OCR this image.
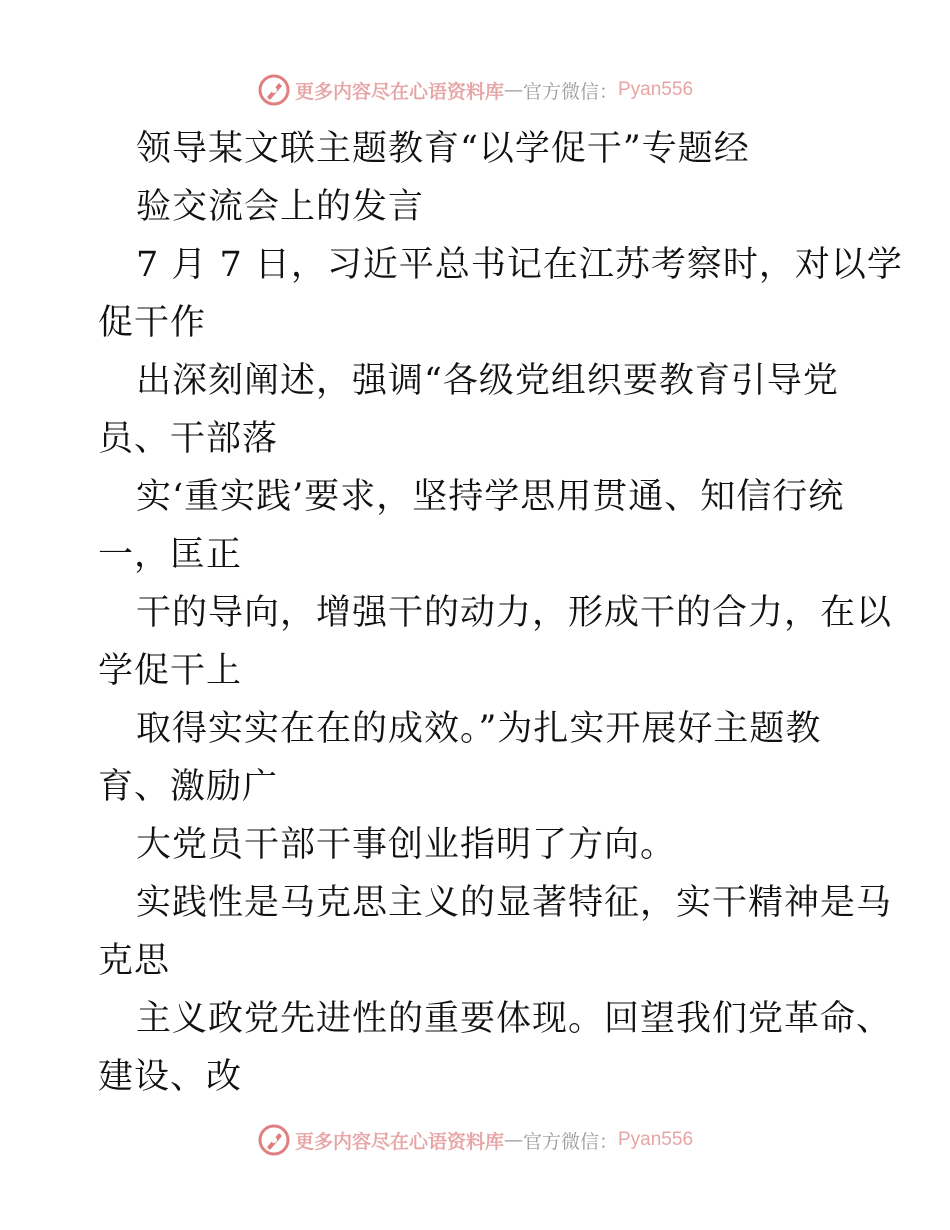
更多内容尽在心语资料库 — 官方微信： Pyan556
领导某文联主题教育“以学促干”专题经
验交流会上的发言
7 月 7 日，习近平总书记在江苏考察时，对以学
促干作
出深刻阐述，强调“各级党组织要教育引导党
员、干部落
实‘重实践’要求，坚持学思用贯通、知信行统
一，匡正
干的导向，增强干的动力，形成干的合力，在以
学促干上
取得实实在在的成效。”为扎实开展好主题教
育、激励广
大党员干部干事创业指明了方向。
实践性是马克思主义的显著特征，实干精神是马
克思
主义政党先进性的重要体现。回望我们党革命、
建设、改
更多内容尽在心语资料库 — 官方微信： Pyan556
